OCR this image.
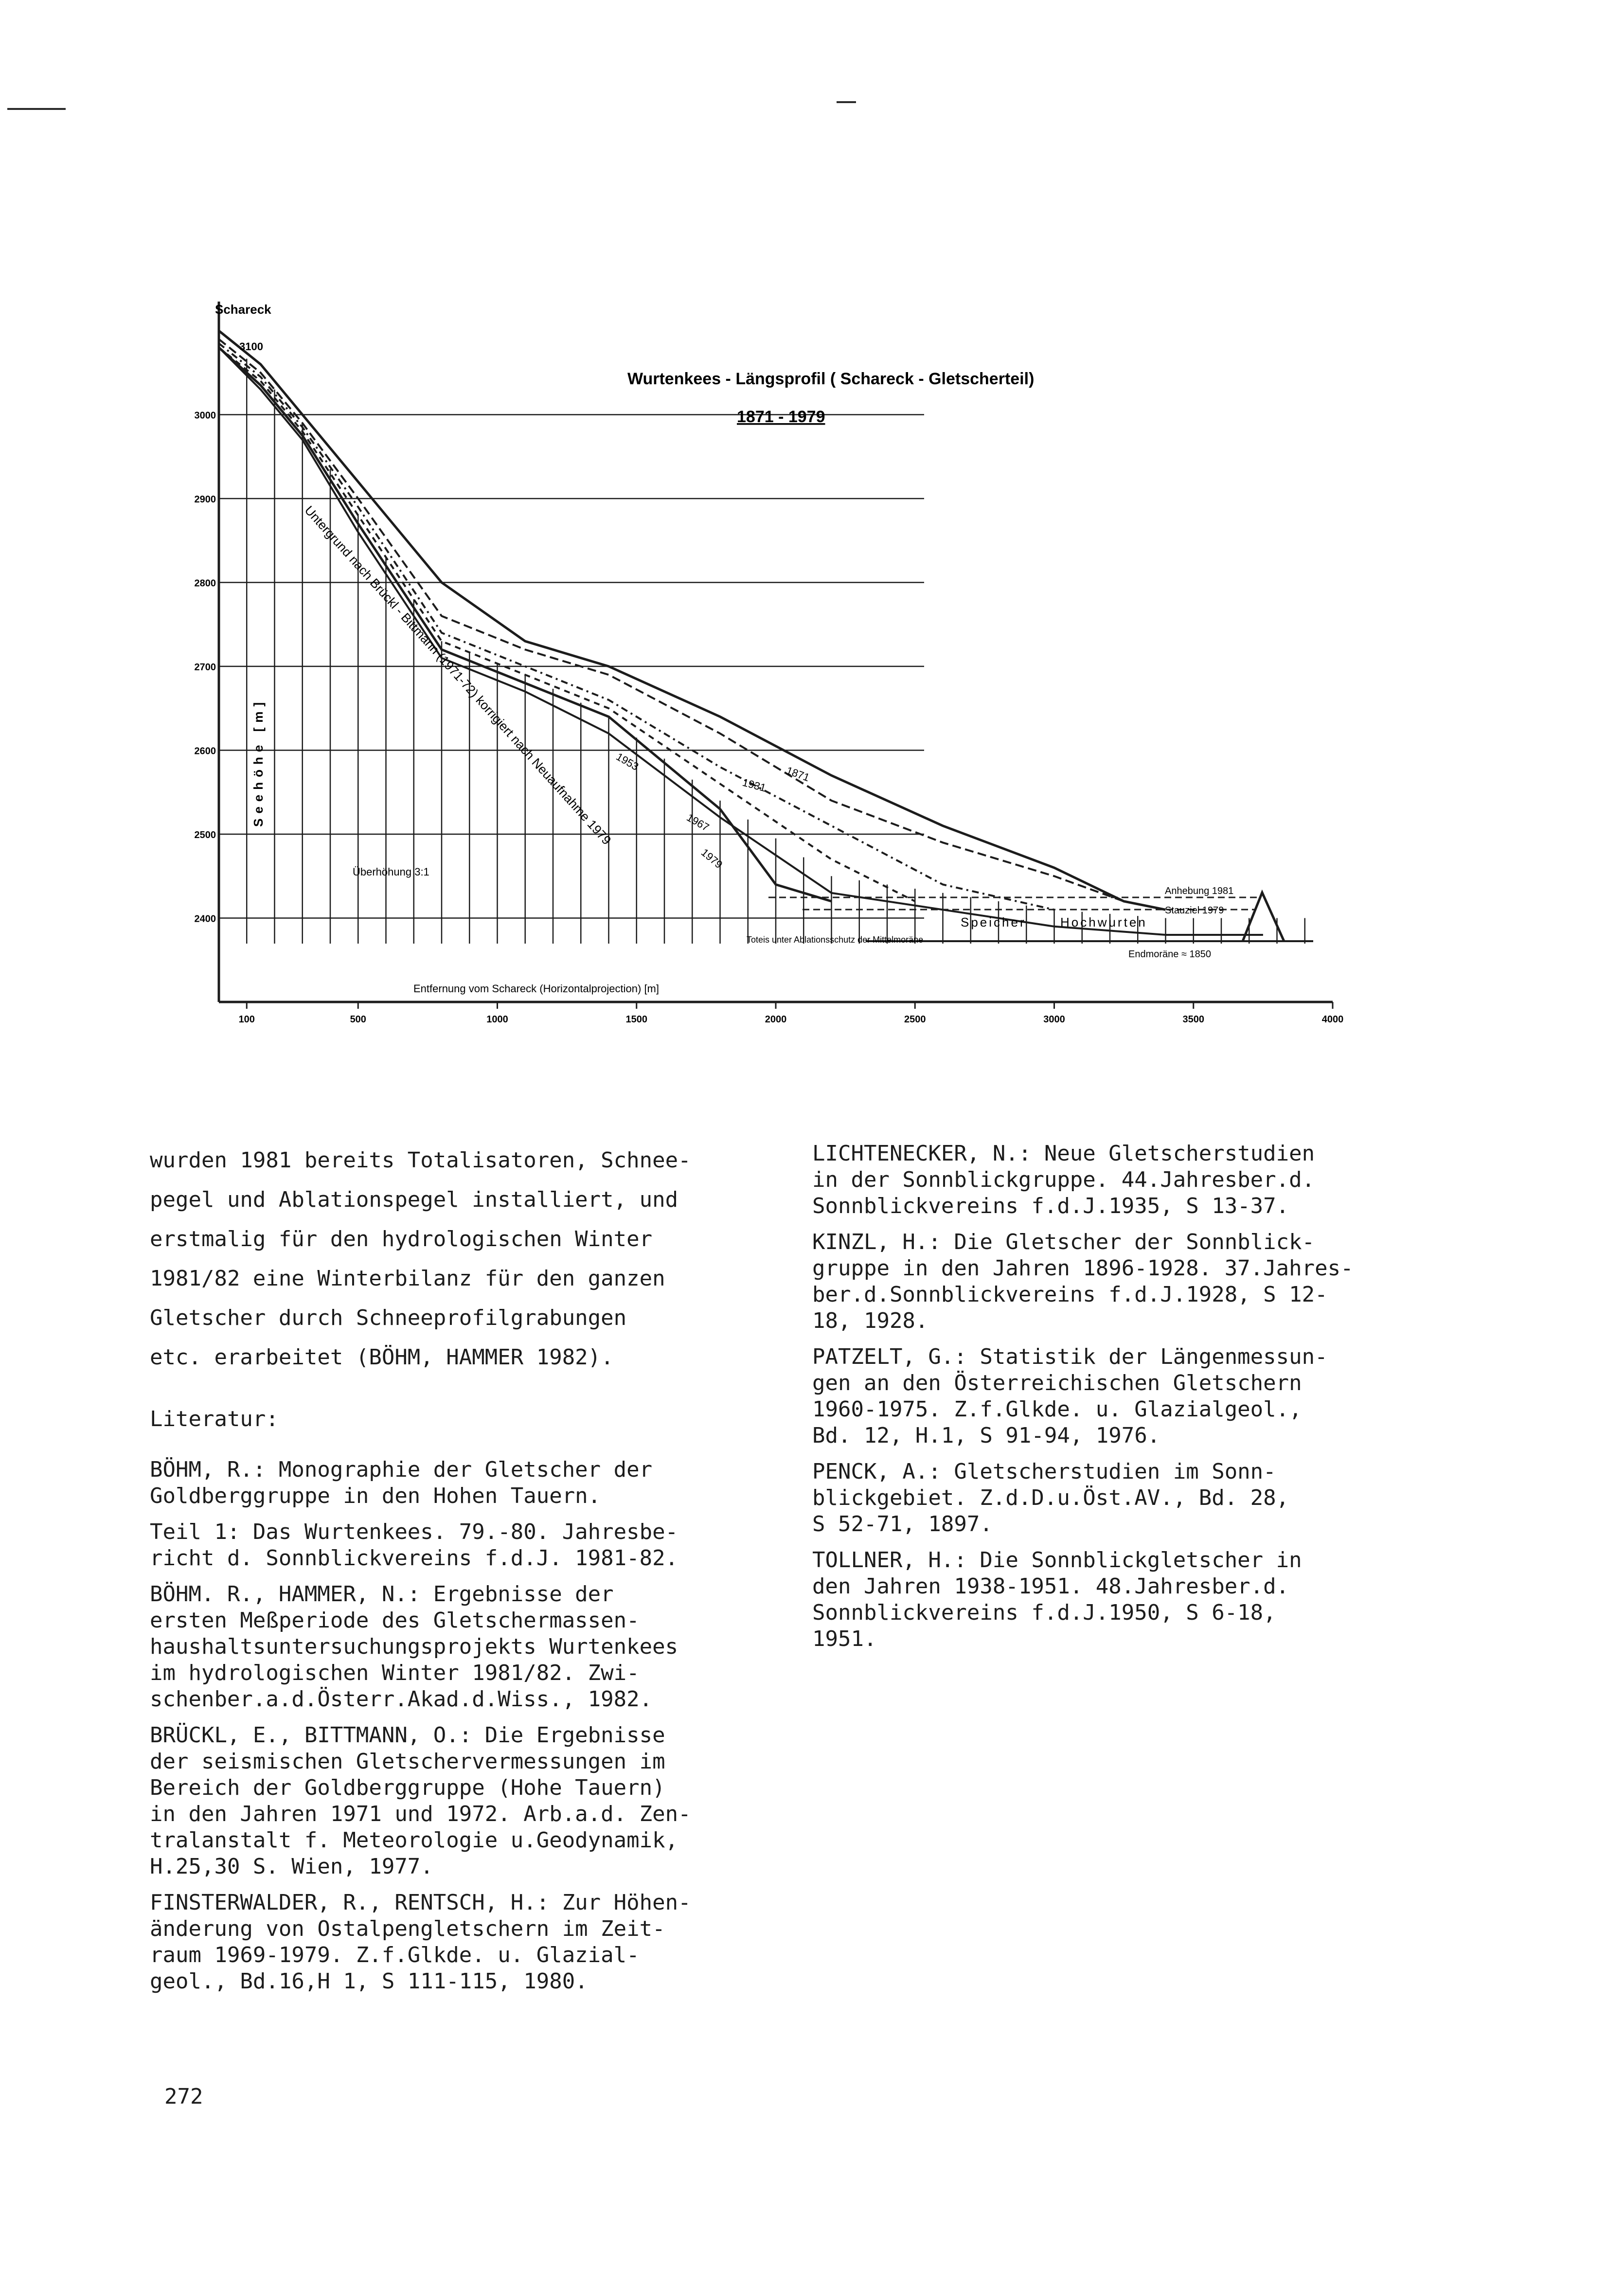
3000
2900
2800
2700
2600
2500
2400
100	500	1000	1500	2000	2500	3000	3500	4000
Wurtenkees - Längsprofil ( Schareck - Gletscherteil)
1871 - 1979
Schareck
3100
Seehöhe [m]
Entfernung vom Schareck (Horizontalprojection) [m]
Überhöhung 3:1
1871
1931
1953
1967
1979
Untergrund nach Brückl - Bittmann (1971-72) korrigiert nach Neuaufnahme 1979
Speicher	Hochwurten
Anhebung 1981
Stauziel 1979
Endmoräne ≈ 1850
Toteis unter Ablationsschutz der Mittelmoräne

wurden 1981 bereits Totalisatoren, Schnee-

pegel und Ablationspegel installiert, und

erstmalig für den hydrologischen Winter

1981/82 eine Winterbilanz für den ganzen

Gletscher durch Schneeprofilgrabungen

etc. erarbeitet (BÖHM, HAMMER 1982).

Literatur:
BÖHM, R.: Monographie der Gletscher der
Goldberggruppe in den Hohen Tauern.
Teil 1: Das Wurtenkees. 79.-80. Jahresbe-
richt d. Sonnblickvereins f.d.J. 1981-82.
BÖHM. R., HAMMER, N.: Ergebnisse der
ersten Meßperiode des Gletschermassen-
haushaltsuntersuchungsprojekts Wurtenkees
im hydrologischen Winter 1981/82. Zwi-
schenber.a.d.Österr.Akad.d.Wiss., 1982.
BRÜCKL, E., BITTMANN, O.: Die Ergebnisse
der seismischen Gletschervermessungen im
Bereich der Goldberggruppe (Hohe Tauern)
in den Jahren 1971 und 1972. Arb.a.d. Zen-
tralanstalt f. Meteorologie u.Geodynamik,
H.25,30 S. Wien, 1977.
FINSTERWALDER, R., RENTSCH, H.: Zur Höhen-
änderung von Ostalpengletschern im Zeit-
raum 1969-1979. Z.f.Glkde. u. Glazial-
geol., Bd.16,H 1, S 111-115, 1980.
LICHTENECKER, N.: Neue Gletscherstudien
in der Sonnblickgruppe. 44.Jahresber.d.
Sonnblickvereins f.d.J.1935, S 13-37.
KINZL, H.: Die Gletscher der Sonnblick-
gruppe in den Jahren 1896-1928. 37.Jahres-
ber.d.Sonnblickvereins f.d.J.1928, S 12-
18, 1928.
PATZELT, G.: Statistik der Längenmessun-
gen an den Österreichischen Gletschern
1960-1975. Z.f.Glkde. u. Glazialgeol.,
Bd. 12, H.1, S 91-94, 1976.
PENCK, A.: Gletscherstudien im Sonn-
blickgebiet. Z.d.D.u.Öst.AV., Bd. 28,
S 52-71, 1897.
TOLLNER, H.: Die Sonnblickgletscher in
den Jahren 1938-1951. 48.Jahresber.d.
Sonnblickvereins f.d.J.1950, S 6-18,
1951.
272
